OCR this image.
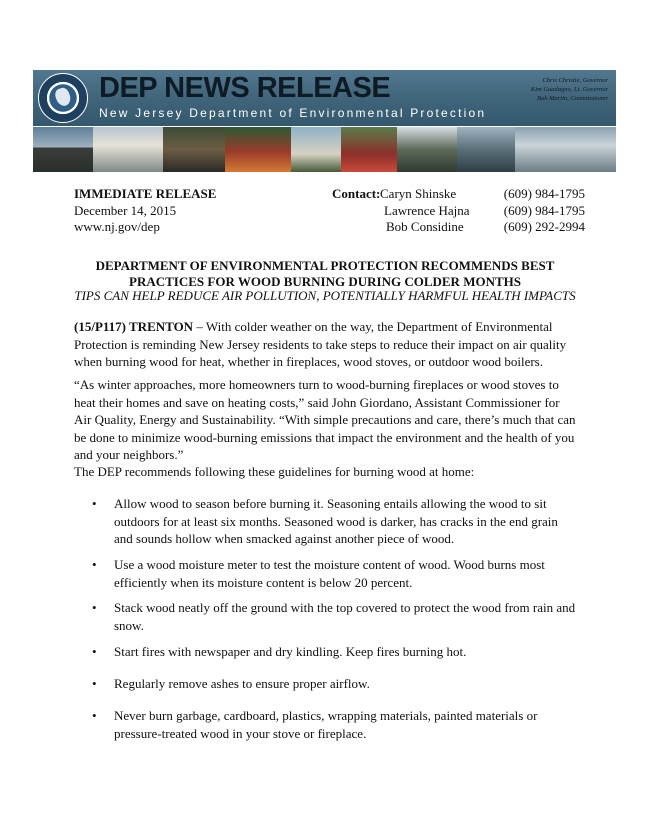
DEP NEWS RELEASE
New Jersey Department of Environmental Protection
Chris Christie, Governor
Kim Guadagno, Lt. Governor
Bob Martin, Commissioner
IMMEDIATE RELEASE
December 14, 2015
www.nj.gov/dep
Contact: Caryn Shinske	(609) 984-1795
Lawrence Hajna	(609) 984-1795
Bob Considine	(609) 292-2994
DEPARTMENT OF ENVIRONMENTAL PROTECTION RECOMMENDS BEST
PRACTICES FOR WOOD BURNING DURING COLDER MONTHS
TIPS CAN HELP REDUCE AIR POLLUTION, POTENTIALLY HARMFUL HEALTH IMPACTS

(15/P117) TRENTON – With colder weather on the way, the Department of Environmental Protection is reminding New Jersey residents to take steps to reduce their impact on air quality when burning wood for heat, whether in fireplaces, wood stoves, or outdoor wood boilers.

“As winter approaches, more homeowners turn to wood-burning fireplaces or wood stoves to heat their homes and save on heating costs,” said John Giordano, Assistant Commissioner for Air Quality, Energy and Sustainability. “With simple precautions and care, there’s much that can be done to minimize wood-burning emissions that impact the environment and the health of you and your neighbors.”

The DEP recommends following these guidelines for burning wood at home:

• Allow wood to season before burning it. Seasoning entails allowing the wood to sit outdoors for at least six months. Seasoned wood is darker, has cracks in the end grain and sounds hollow when smacked against another piece of wood.
• Use a wood moisture meter to test the moisture content of wood. Wood burns most efficiently when its moisture content is below 20 percent.
• Stack wood neatly off the ground with the top covered to protect the wood from rain and snow.
• Start fires with newspaper and dry kindling. Keep fires burning hot.
• Regularly remove ashes to ensure proper airflow.
• Never burn garbage, cardboard, plastics, wrapping materials, painted materials or pressure-treated wood in your stove or fireplace.
